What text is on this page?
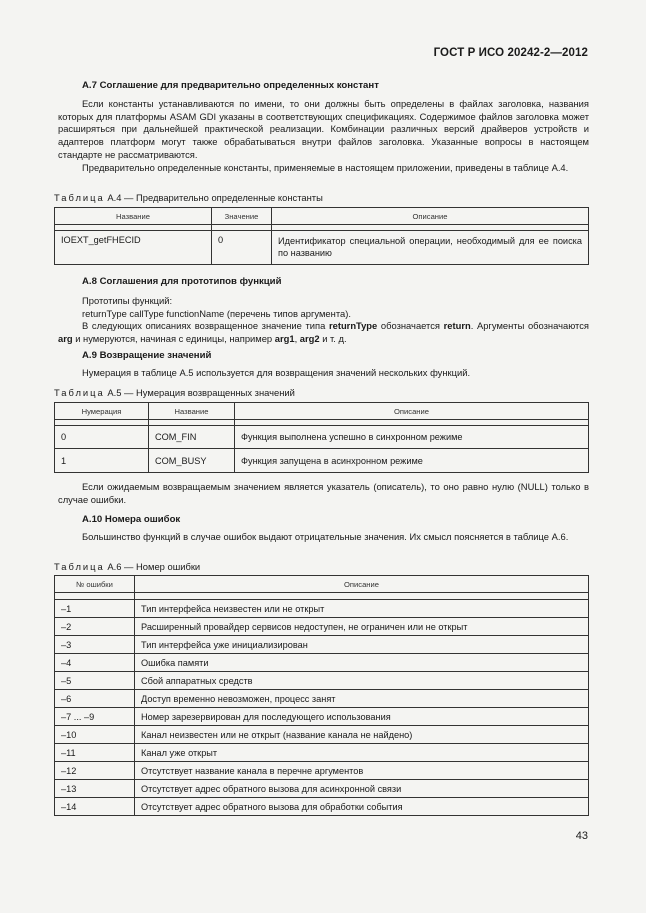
ГОСТ Р ИСО 20242-2—2012
А.7 Соглашение для предварительно определенных констант

Если константы устанавливаются по имени, то они должны быть определены в файлах заголовка, названия которых для платформы ASAM GDI указаны в соответствующих спецификациях. Содержимое файлов заголовка может расширяться при дальнейшей практической реализации. Комбинации различных версий драйверов устройств и адаптеров платформ могут также обрабатываться внутри файлов заголовка. Указанные вопросы в настоящем стандарте не рассматриваются.

Предварительно определенные константы, применяемые в настоящем приложении, приведены в таблице А.4.

Таблица А.4 — Предварительно определенные константы
Название	Значение	Описание

IOEXT_getFHECID	0	Идентификатор специальной операции, необходимый для ее поиска по названию
А.8 Соглашения для прототипов функций

Прототипы функций:

returnType callType functionName (перечень типов аргумента).

В следующих описаниях возвращенное значение типа returnType обозначается return. Аргументы обозначаются arg и нумеруются, начиная с единицы, например arg1, arg2 и т. д.

А.9 Возвращение значений

Нумерация в таблице А.5 используется для возвращения значений нескольких функций.

Таблица А.5 — Нумерация возвращенных значений
Нумерация	Название	Описание

0	COM_FIN	Функция выполнена успешно в синхронном режиме
1	COM_BUSY	Функция запущена в асинхронном режиме

Если ожидаемым возвращаемым значением является указатель (описатель), то оно равно нулю (NULL) только в случае ошибки.

А.10 Номера ошибок

Большинство функций в случае ошибок выдают отрицательные значения. Их смысл поясняется в таблице А.6.

Таблица А.6 — Номер ошибки
№ ошибки	Описание

–1	Тип интерфейса неизвестен или не открыт
–2	Расширенный провайдер сервисов недоступен, не ограничен или не открыт
–3	Тип интерфейса уже инициализирован
–4	Ошибка памяти
–5	Сбой аппаратных средств
–6	Доступ временно невозможен, процесс занят
–7 ... –9	Номер зарезервирован для последующего использования
–10	Канал неизвестен или не открыт (название канала не найдено)
–11	Канал уже открыт
–12	Отсутствует название канала в перечне аргументов
–13	Отсутствует адрес обратного вызова для асинхронной связи
–14	Отсутствует адрес обратного вызова для обработки события
43
